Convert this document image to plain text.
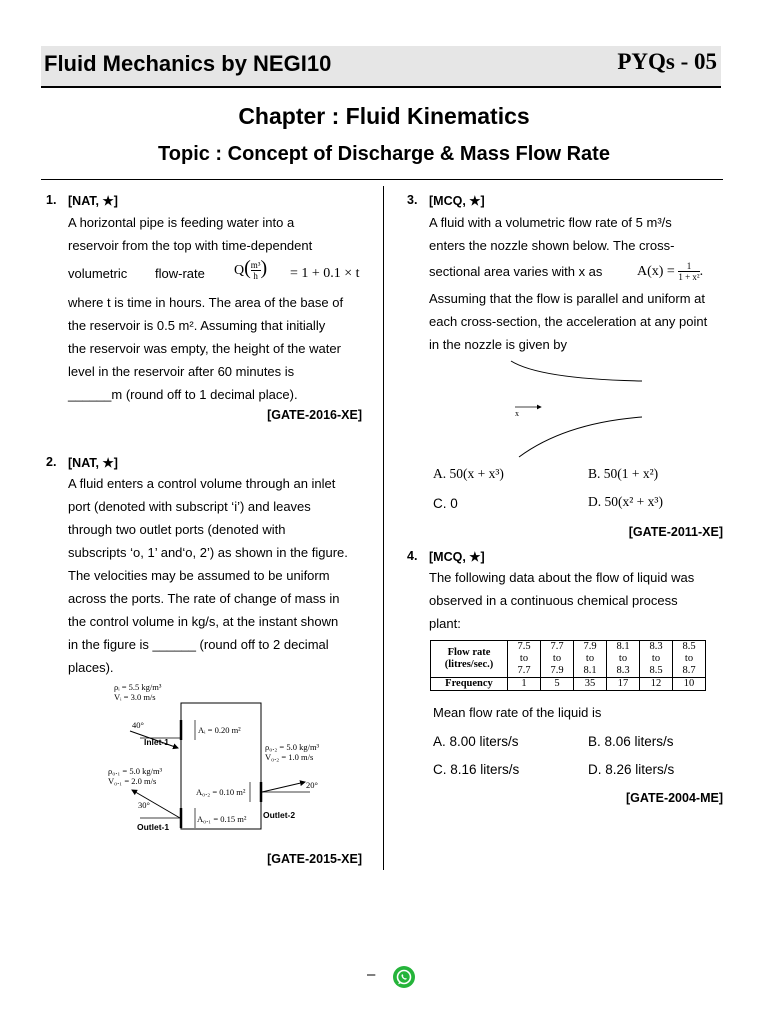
Fluid Mechanics by NEGI10	PYQs - 05
Chapter : Fluid Kinematics
Topic : Concept of Discharge & Mass Flow Rate
1. [NAT, ★]

A horizontal pipe is feeding water into a

reservoir from the top with time-dependent

volumetric flow-rate $Q( \frac{\text{m³}}{h}$ ) = 1 + 0.1 × t

where t is time in hours. The area of the base of

the reservoir is 0.5 m². Assuming that initially

the reservoir was empty, the height of the water

level in the reservoir after 60 minutes is

______m (round off to 1 decimal place).

[GATE-2016-XE]
2. [NAT, ★]

A fluid enters a control volume through an inlet

port (denoted with subscript ‘i’) and leaves

through two outlet ports (denoted with

subscripts ‘o, 1’ and‘o, 2’) as shown in the figure.

The velocities may be assumed to be uniform

across the ports. The rate of change of mass in

the control volume in kg/s, at the instant shown

in the figure is ______ (round off to 2 decimal

places).

ρᵢ = 5.5 kg/m³
Vᵢ = 3.0 m/s
40°	Aᵢ = 0.20 m²
ρ₀.₂ = 5.0 kg/m³
V₀.₂ = 1.0 m/s
ρ₀.₁ = 5.0 kg/m³
V₀.₁ = 2.0 m/s
A₀.₂ = 0.10 m²
20°
30°
A₀.₁ = 0.15 m²
Inlet-1
Outlet-1
Outlet-2
[GATE-2015-XE]
3. [MCQ, ★]

A fluid with a volumetric flow rate of 5 m³/s

enters the nozzle shown below. The cross-

sectional area varies with x as $A(x) = \frac{1}{\text{1 + x²}}$ .

Assuming that the flow is parallel and uniform at

each cross-section, the acceleration at any point

in the nozzle is given by

x
A. 50(x + x³)	B. 50(1 + x²)
C. 0	D. 50(x² + x³)
[GATE-2011-XE]
4. [MCQ, ★]

The following data about the flow of liquid was

observed in a continuous chemical process

plant:

Flow rate (litres/sec.)	7.5
to
7.7	7.7
to
7.9	7.9
to
8.1	8.1
to
8.3	8.3
to
8.5	8.5
to
8.7
Frequency	1	5	35	17	12	10
Mean flow rate of the liquid is
A. 8.00 liters/s	B. 8.06 liters/s
C. 8.16 liters/s	D. 8.26 liters/s
[GATE-2004-ME]
–
